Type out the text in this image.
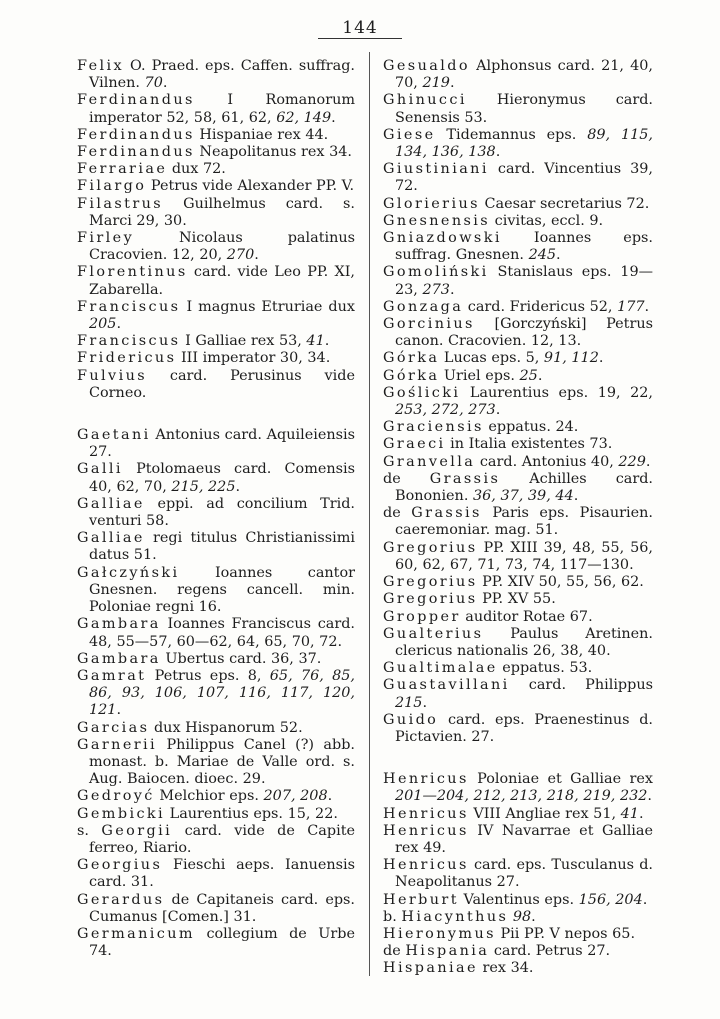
144

Felix O. Praed. eps. Caffen. suffrag. Vilnen. 70.

Ferdinandus I Romanorum imperator 52, 58, 61, 62, 62, 149.

Ferdinandus Hispaniae rex 44.

Ferdinandus Neapolitanus rex 34.

Ferrariae dux 72.

Filargo Petrus vide Alexander PP. V.

Filastrus Guilhelmus card. s. Marci 29, 30.

Firley	Nicolaus palatinus Cracovien. 12, 20, 270.

Florentinus card. vide Leo PP. XI, Zabarella.

Franciscus I magnus Etruriae dux 205.

Franciscus I Galliae rex 53, 41.

Fridericus III imperator 30, 34.

Fulvius card. Perusinus vide Corneo.

Gaetani Antonius card. Aquileiensis 27.

Galli Ptolomaeus card. Comensis 40, 62, 70, 215, 225.

Galliae eppi. ad concilium Trid. venturi 58.

Galliae regi titulus Christianissimi datus 51.

Gałczyński Ioannes cantor Gnesnen. regens cancell. min. Poloniae regni 16.

Gambara Ioannes Franciscus card. 48, 55—57, 60—62, 64, 65, 70, 72.

Gambara Ubertus card. 36, 37.

Gamrat Petrus eps. 8, 65, 76, 85, 86, 93, 106, 107, 116, 117, 120, 121.

Garcias dux Hispanorum 52.

Garnerii Philippus Canel (?) abb. monast. b. Mariae de Valle ord. s. Aug. Baiocen. dioec. 29.

Gedroyć Melchior eps. 207, 208.

Gembicki Laurentius eps. 15, 22.

s. Georgii card. vide de Capite ferreo, Riario.

Georgius Fieschi aeps. Ianuensis card. 31.

Gerardus de Capitaneis card. eps. Cumanus [Comen.] 31.

Germanicum collegium de Urbe 74.

Gesualdo Alphonsus card. 21, 40, 70, 219.

Ghinucci Hieronymus card. Senensis 53.

Giese Tidemannus eps. 89, 115, 134, 136, 138.

Giustiniani card. Vincentius 39, 72.

Glorierius Caesar secretarius 72.

Gnesnensis civitas, eccl. 9.

Gniazdowski Ioannes eps. suffrag. Gnesnen. 245.

Gomoliński Stanislaus eps. 19—23, 273.

Gonzaga card. Fridericus 52, 177.

Gorcinius [Gorczyński] Petrus canon. Cracovien. 12, 13.

Górka Lucas eps. 5, 91, 112.

Górka Uriel eps. 25.

Goślicki Laurentius eps. 19, 22, 253, 272, 273.

Graciensis eppatus. 24.

Graeci in Italia existentes 73.

Granvella card. Antonius 40, 229.

de Grassis Achilles card. Bononien. 36, 37, 39, 44.

de Grassis Paris eps. Pisaurien. caeremoniar. mag. 51.

Gregorius PP. XIII 39, 48, 55, 56, 60, 62, 67, 71, 73, 74, 117—130.

Gregorius PP. XIV 50, 55, 56, 62.

Gregorius PP. XV 55.

Gropper auditor Rotae 67.

Gualterius Paulus Aretinen. clericus nationalis 26, 38, 40.

Gualtimalae eppatus. 53.

Guastavillani card. Philippus 215.

Guido card. eps. Praenestinus d. Pictavien. 27.

Henricus Poloniae et Galliae rex 201—204, 212, 213, 218, 219, 232.

Henricus VIII Angliae rex 51, 41.

Henricus IV Navarrae et Galliae rex 49.

Henricus card. eps. Tusculanus d. Neapolitanus 27.

Herburt Valentinus eps. 156, 204.

b. Hiacynthus 98.

Hieronymus Pii PP. V nepos 65.

de Hispania card. Petrus 27.

Hispaniae rex 34.
